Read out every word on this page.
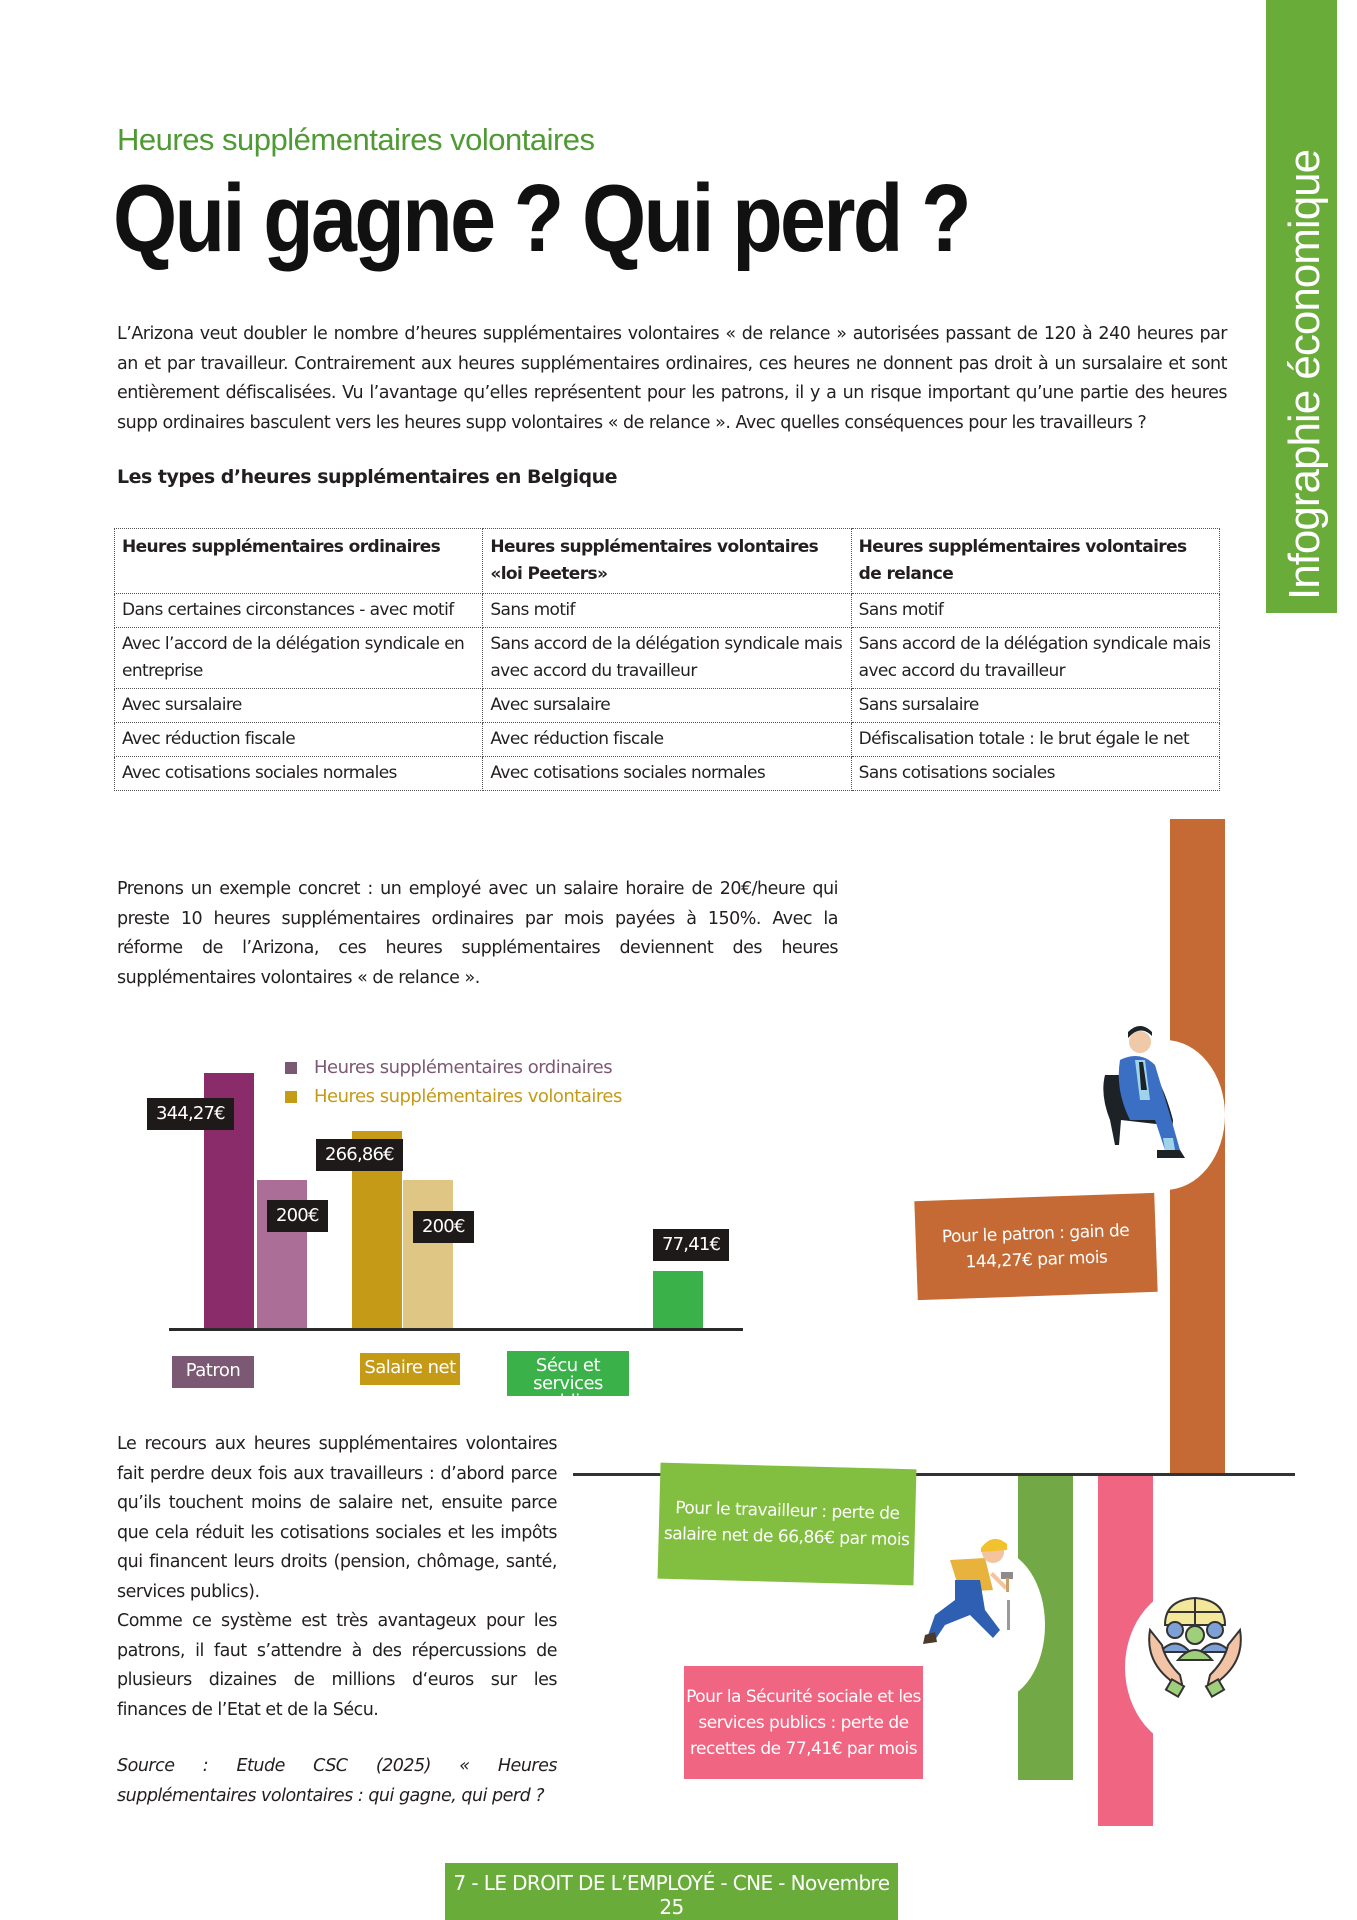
Infographie économique
Heures supplémentaires volontaires
Qui gagne ? Qui perd ?
L’Arizona veut doubler le nombre d’heures supplémentaires volontaires « de relance » autorisées passant de 120 à 240 heures par an et par travailleur. Contrairement aux heures supplémentaires ordinaires, ces heures ne donnent pas droit à un sursalaire et sont entièrement défiscalisées. Vu l’avantage qu’elles représentent pour les patrons, il y a un risque important qu’une partie des heures supp ordinaires basculent vers les heures supp volontaires « de relance ». Avec quelles conséquences pour les travailleurs ?
Les types d’heures supplémentaires en Belgique
Heures supplémentaires ordinaires	Heures supplémentaires volontaires «loi Peeters»	Heures supplémentaires volontaires de relance
Dans certaines circonstances - avec motif	Sans motif	Sans motif
Avec l’accord de la délégation syndicale en entreprise	Sans accord de la délégation syndicale mais avec accord du travailleur	Sans accord de la délégation syndicale mais avec accord du travailleur
Avec sursalaire	Avec sursalaire	Sans sursalaire
Avec réduction fiscale	Avec réduction fiscale	Défiscalisation totale : le brut égale le net
Avec cotisations sociales normales	Avec cotisations sociales normales	Sans cotisations sociales
Prenons un exemple concret : un employé avec un salaire horaire de 20€/heure qui preste 10 heures supplémentaires ordinaires par mois payées à 150%. Avec la réforme de l’Arizona, ces heures supplémentaires deviennent des heures supplémentaires volontaires « de relance ».
Heures supplémentaires ordinaires
Heures supplémentaires volontaires
344,27€
200€
266,86€
200€
77,41€
Patron	Salaire net	Sécu et services publics
Le recours aux heures supplémentaires volontaires fait perdre deux fois aux travailleurs : d’abord parce qu’ils touchent moins de salaire net, ensuite parce que cela réduit les cotisations sociales et les impôts qui financent leurs droits (pension, chômage, santé, services publics).
Comme ce système est très avantageux pour les patrons, il faut s’attendre à des répercussions de plusieurs dizaines de millions d‘euros sur les finances de l’Etat et de la Sécu.
Source : Etude CSC (2025) « Heures supplémentaires volontaires : qui gagne, qui perd ?
Pour le patron : gain de 144,27€ par mois
Pour le travailleur : perte de salaire net de 66,86€ par mois
Pour la Sécurité sociale et les services publics : perte de recettes de 77,41€ par mois
7 - LE DROIT DE L’EMPLOYÉ - CNE - Novembre 25
